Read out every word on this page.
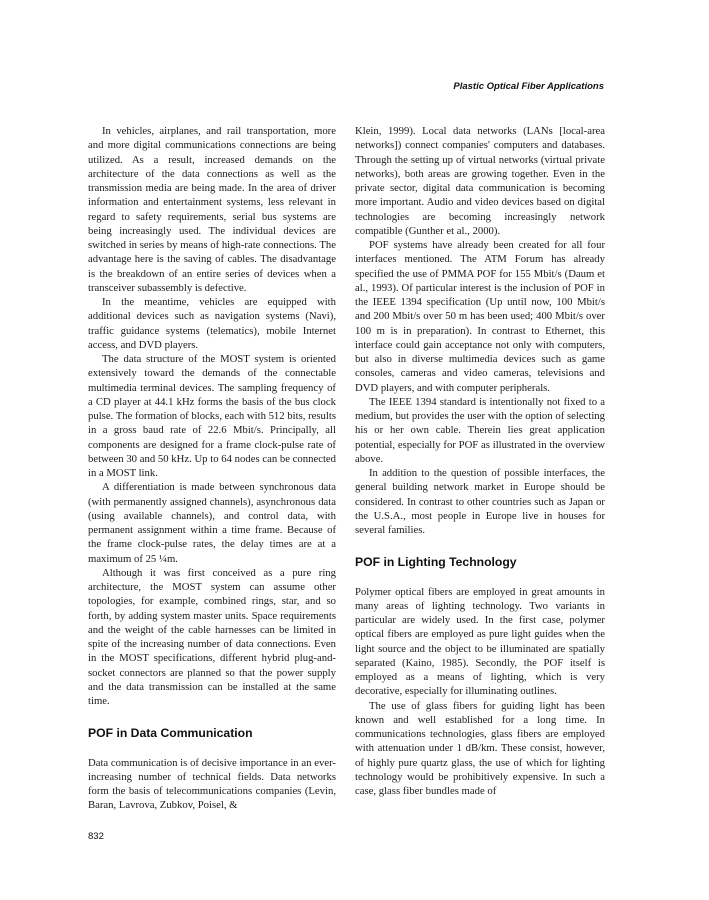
Plastic Optical Fiber Applications

In vehicles, airplanes, and rail transportation, more and more digital communications connections are being utilized. As a result, increased demands on the architecture of the data connections as well as the transmission media are being made. In the area of driver information and entertainment systems, less relevant in regard to safety requirements, serial bus systems are being increasingly used. The individual devices are switched in series by means of high-rate connections. The advantage here is the saving of cables. The disadvantage is the breakdown of an entire series of devices when a transceiver subassembly is defective.

In the meantime, vehicles are equipped with additional devices such as navigation systems (Navi), traffic guidance systems (telematics), mobile Internet access, and DVD players.

The data structure of the MOST system is oriented extensively toward the demands of the connectable multimedia terminal devices. The sampling frequency of a CD player at 44.1 kHz forms the basis of the bus clock pulse. The formation of blocks, each with 512 bits, results in a gross baud rate of 22.6 Mbit/s. Principally, all components are designed for a frame clock-pulse rate of between 30 and 50 kHz. Up to 64 nodes can be connected in a MOST link.

A differentiation is made between synchronous data (with permanently assigned channels), asynchronous data (using available channels), and control data, with permanent assignment within a time frame. Because of the frame clock-pulse rates, the delay times are at a maximum of 25 ¼m.

Although it was first conceived as a pure ring architecture, the MOST system can assume other topologies, for example, combined rings, star, and so forth, by adding system master units. Space requirements and the weight of the cable harnesses can be limited in spite of the increasing number of data connections. Even in the MOST specifications, different hybrid plug-and-socket connectors are planned so that the power supply and the data transmission can be installed at the same time.

POF in Data Communication

Data communication is of decisive importance in an ever-increasing number of technical fields. Data networks form the basis of telecommunications companies (Levin, Baran, Lavrova, Zubkov, Poisel, &

Klein, 1999). Local data networks (LANs [local-area networks]) connect companies' computers and databases. Through the setting up of virtual networks (virtual private networks), both areas are growing together. Even in the private sector, digital data communication is becoming more important. Audio and video devices based on digital technologies are becoming increasingly network compatible (Gunther et al., 2000).

POF systems have already been created for all four interfaces mentioned. The ATM Forum has already specified the use of PMMA POF for 155 Mbit/s (Daum et al., 1993). Of particular interest is the inclusion of POF in the IEEE 1394 specification (Up until now, 100 Mbit/s and 200 Mbit/s over 50 m has been used; 400 Mbit/s over 100 m is in preparation). In contrast to Ethernet, this interface could gain acceptance not only with computers, but also in diverse multimedia devices such as game consoles, cameras and video cameras, televisions and DVD players, and with computer peripherals.

The IEEE 1394 standard is intentionally not fixed to a medium, but provides the user with the option of selecting his or her own cable. Therein lies great application potential, especially for POF as illustrated in the overview above.

In addition to the question of possible interfaces, the general building network market in Europe should be considered. In contrast to other countries such as Japan or the U.S.A., most people in Europe live in houses for several families.

POF in Lighting Technology

Polymer optical fibers are employed in great amounts in many areas of lighting technology. Two variants in particular are widely used. In the first case, polymer optical fibers are employed as pure light guides when the light source and the object to be illuminated are spatially separated (Kaino, 1985). Secondly, the POF itself is employed as a means of lighting, which is very decorative, especially for illuminating outlines.

The use of glass fibers for guiding light has been known and well established for a long time. In communications technologies, glass fibers are employed with attenuation under 1 dB/km. These consist, however, of highly pure quartz glass, the use of which for lighting technology would be prohibitively expensive. In such a case, glass fiber bundles made of

832
